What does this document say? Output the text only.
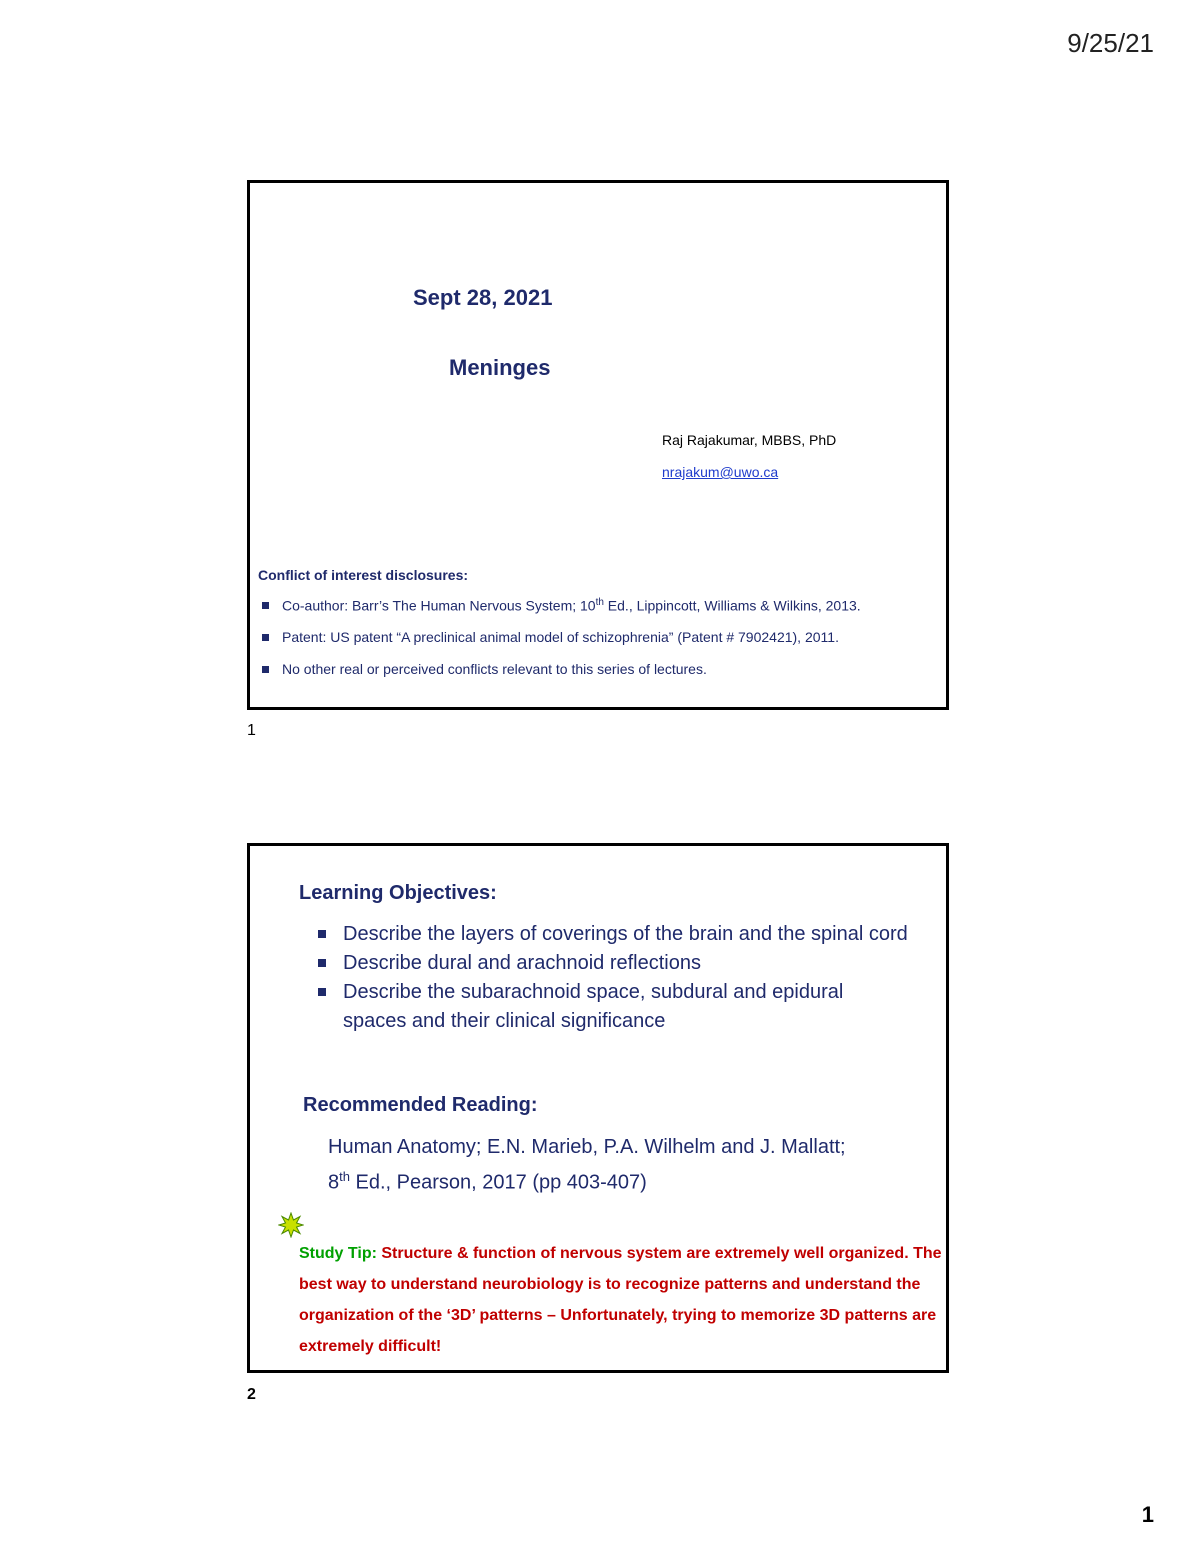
9/25/21
Sept 28, 2021
Meninges
Raj Rajakumar, MBBS, PhD
nrajakum@uwo.ca
Conflict of interest disclosures:
Co-author: Barr’s The Human Nervous System; 10th Ed., Lippincott, Williams & Wilkins, 2013.
Patent: US patent “A preclinical animal model of schizophrenia” (Patent # 7902421), 2011.
No other real or perceived conflicts relevant to this series of lectures.
1
Learning Objectives:
Describe the layers of coverings of the brain and the spinal cord
Describe dural and arachnoid reflections
Describe the subarachnoid space, subdural and epidural spaces and their clinical significance
Recommended Reading:
Human Anatomy; E.N. Marieb, P.A. Wilhelm and J. Mallatt;
8th Ed., Pearson, 2017 (pp 403-407)
Study Tip: Structure & function of nervous system are extremely well organized. The best way to understand neurobiology is to recognize patterns and understand the organization of the ‘3D’ patterns – Unfortunately, trying to memorize 3D patterns are extremely difficult!
2
1
